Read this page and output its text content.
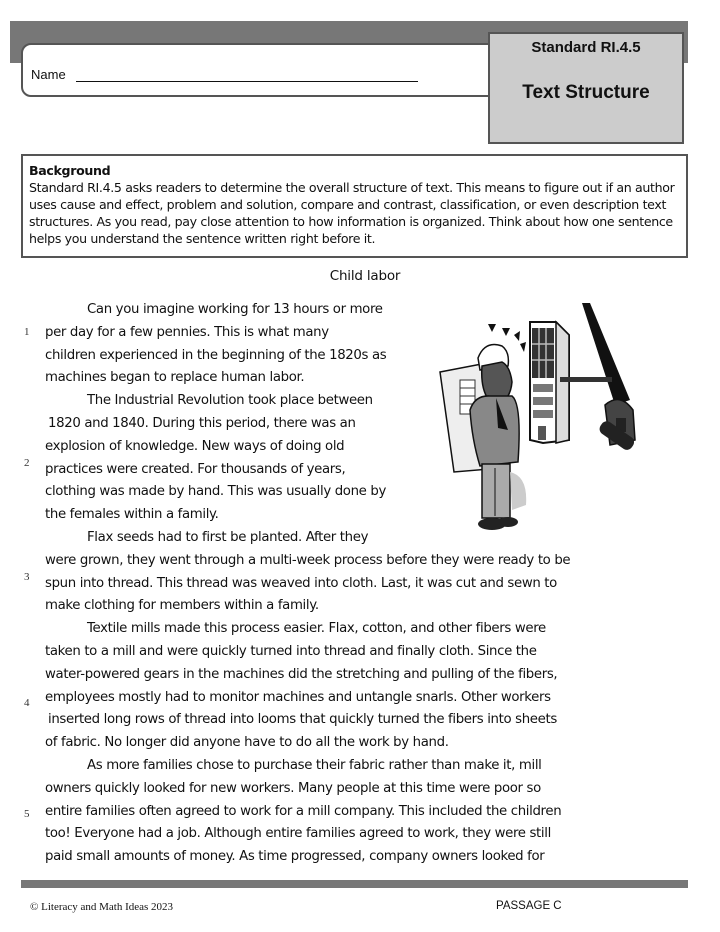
Name
Standard RI.4.5
Text Structure
Background
Standard RI.4.5 asks readers to determine the overall structure of text. This means to figure out if an author uses cause and effect, problem and solution, compare and contrast, classification, or even description text structures. As you read, pay close attention to how information is organized. Think about how one sentence helps you understand the sentence written right before it.
Child labor
Can you imagine working for 13 hours or more
per day for a few pennies. This is what many
children experienced in the beginning of the 1820s as
machines began to replace human labor.
The Industrial Revolution took place between
1820 and 1840. During this period, there was an
explosion of knowledge. New ways of doing old
practices were created. For thousands of years,
clothing was made by hand. This was usually done by
the females within a family.
Flax seeds had to first be planted. After they
were grown, they went through a multi-week process before they were ready to be
spun into thread. This thread was weaved into cloth. Last, it was cut and sewn to
make clothing for members within a family.
Textile mills made this process easier. Flax, cotton, and other fibers were
taken to a mill and were quickly turned into thread and finally cloth. Since the
water-powered gears in the machines did the stretching and pulling of the fibers,
employees mostly had to monitor machines and untangle snarls. Other workers
inserted long rows of thread into looms that quickly turned the fibers into sheets
of fabric. No longer did anyone have to do all the work by hand.
As more families chose to purchase their fabric rather than make it, mill
owners quickly looked for new workers. Many people at this time were poor so
entire families often agreed to work for a mill company. This included the children
too! Everyone had a job. Although entire families agreed to work, they were still
paid small amounts of money. As time progressed, company owners looked for
1
2
3
4
5
© Literacy and Math Ideas 2023	PASSAGE C
